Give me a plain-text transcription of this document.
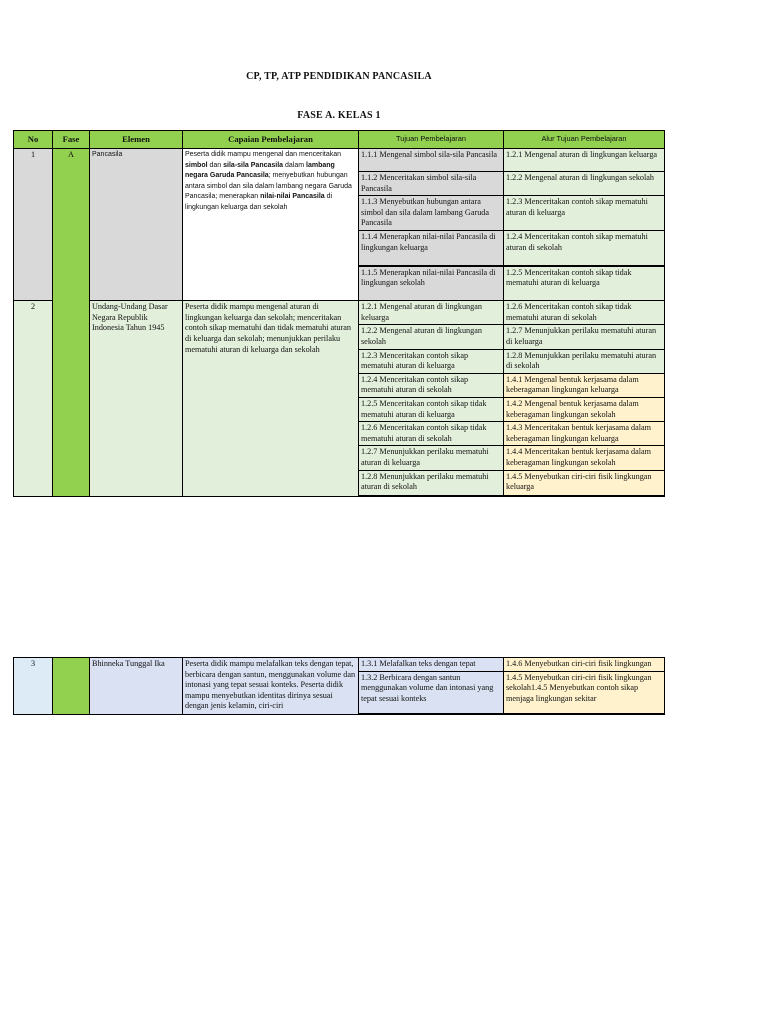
CP, TP, ATP PENDIDIKAN PANCASILA
FASE A. KELAS 1
No	Fase	Elemen	Capaian Pembelajaran	Tujuan Pembelajaran	Alur Tujuan Pembelajaran
1	A	Pancasila	Peserta didik mampu mengenal dan menceritakan simbol dan sila-sila Pancasila dalam lambang negara Garuda Pancasila; menyebutkan hubungan antara simbol dan sila dalam lambang negara Garuda Pancasila; menerapkan nilai-nilai Pancasila di lingkungan keluarga dan sekolah	1.1.1 Mengenal simbol sila-sila Pancasila	1.2.1 Mengenal aturan di lingkungan keluarga
				1.1.2 Menceritakan simbol sila-sila Pancasila	1.2.2 Mengenal aturan di lingkungan sekolah
				1.1.3 Menyebutkan hubungan antara simbol dan sila dalam lambang Garuda Pancasila	1.2.3 Menceritakan contoh sikap mematuhi aturan di keluarga
				1.1.4 Menerapkan nilai-nilai Pancasila di lingkungan keluarga	1.2.4 Menceritakan contoh sikap mematuhi aturan di sekolah
				1.1.5 Menerapkan nilai-nilai Pancasila di lingkungan sekolah	1.2.5 Menceritakan contoh sikap tidak mematuhi aturan di keluarga
2		Undang-Undang Dasar Negara Republik Indonesia Tahun 1945	Peserta didik mampu mengenal aturan di lingkungan keluarga dan sekolah; menceritakan contoh sikap mematuhi dan tidak mematuhi aturan di keluarga dan sekolah; menunjukkan perilaku mematuhi aturan di keluarga dan sekolah	1.2.1 Mengenal aturan di lingkungan keluarga	1.2.6 Menceritakan contoh sikap tidak mematuhi aturan di sekolah
				1.2.2 Mengenal aturan di lingkungan sekolah	1.2.7 Menunjukkan perilaku mematuhi aturan di keluarga
				1.2.3 Menceritakan contoh sikap mematuhi aturan di keluarga	1.2.8 Menunjukkan perilaku mematuhi aturan di sekolah
				1.2.4 Menceritakan contoh sikap mematuhi aturan di sekolah	1.4.1 Mengenal bentuk kerjasama dalam keberagaman lingkungan keluarga
				1.2.5 Menceritakan contoh sikap tidak mematuhi aturan di keluarga	1.4.2 Mengenal bentuk kerjasama dalam keberagaman lingkungan sekolah
				1.2.6 Menceritakan contoh sikap tidak mematuhi aturan di sekolah	1.4.3 Menceritakan bentuk kerjasama dalam keberagaman lingkungan keluarga
				1.2.7 Menunjukkan perilaku mematuhi aturan di keluarga	1.4.4 Menceritakan bentuk kerjasama dalam keberagaman lingkungan sekolah
				1.2.8 Menunjukkan perilaku mematuhi aturan di sekolah	1.4.5 Menyebutkan ciri-ciri fisik lingkungan keluarga
3		Bhinneka Tunggal Ika	Peserta didik mampu melafalkan teks dengan tepat, berbicara dengan santun, menggunakan volume dan intonasi yang tepat sesuai konteks. Peserta didik mampu menyebutkan identitas dirinya sesuai dengan jenis kelamin, ciri-ciri	1.3.1 Melafalkan teks dengan tepat	1.4.6 Menyebutkan ciri-ciri fisik lingkungan
				1.3.2 Berbicara dengan santun menggunakan volume dan intonasi yang tepat sesuai konteks	1.4.5 Menyebutkan ciri-ciri fisik lingkungan sekolah1.4.5 Menyebutkan contoh sikap menjaga lingkungan sekitar
